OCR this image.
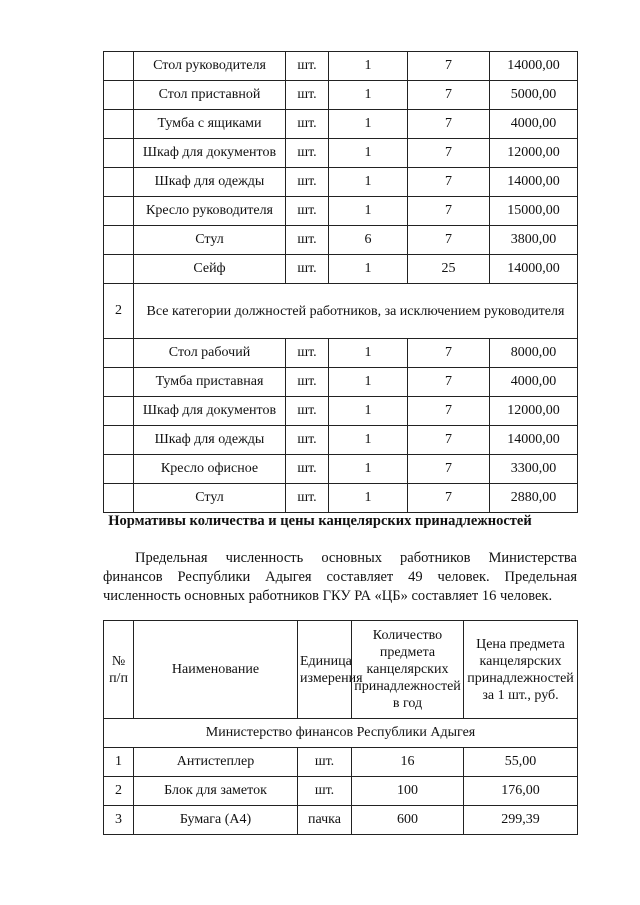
	Стол руководителя	шт.	1	7	14000,00
	Стол приставной	шт.	1	7	5000,00
	Тумба с ящиками	шт.	1	7	4000,00
	Шкаф для документов	шт.	1	7	12000,00
	Шкаф для одежды	шт.	1	7	14000,00
	Кресло руководителя	шт.	1	7	15000,00
	Стул	шт.	6	7	3800,00
	Сейф	шт.	1	25	14000,00
2	Все категории должностей работников, за исключением руководителя				
	Стол рабочий	шт.	1	7	8000,00
	Тумба приставная	шт.	1	7	4000,00
	Шкаф для документов	шт.	1	7	12000,00
	Шкаф для одежды	шт.	1	7	14000,00
	Кресло офисное	шт.	1	7	3300,00
	Стул	шт.	1	7	2880,00
Нормативы количества и цены канцелярских принадлежностей
Предельная численность основных работников Министерства финансов Республики Адыгея составляет 49 человек. Предельная численность основных работников ГКУ РА «ЦБ» составляет 16 человек.
№ п/п	Наименование	Единица измерения	Количество предмета канцелярских принадлежностей в год	Цена предмета канцелярских принадлежностей за 1 шт., руб.
Министерство финансов Республики Адыгея				
1	Антистеплер	шт.	16	55,00
2	Блок для заметок	шт.	100	176,00
3	Бумага (А4)	пачка	600	299,39
